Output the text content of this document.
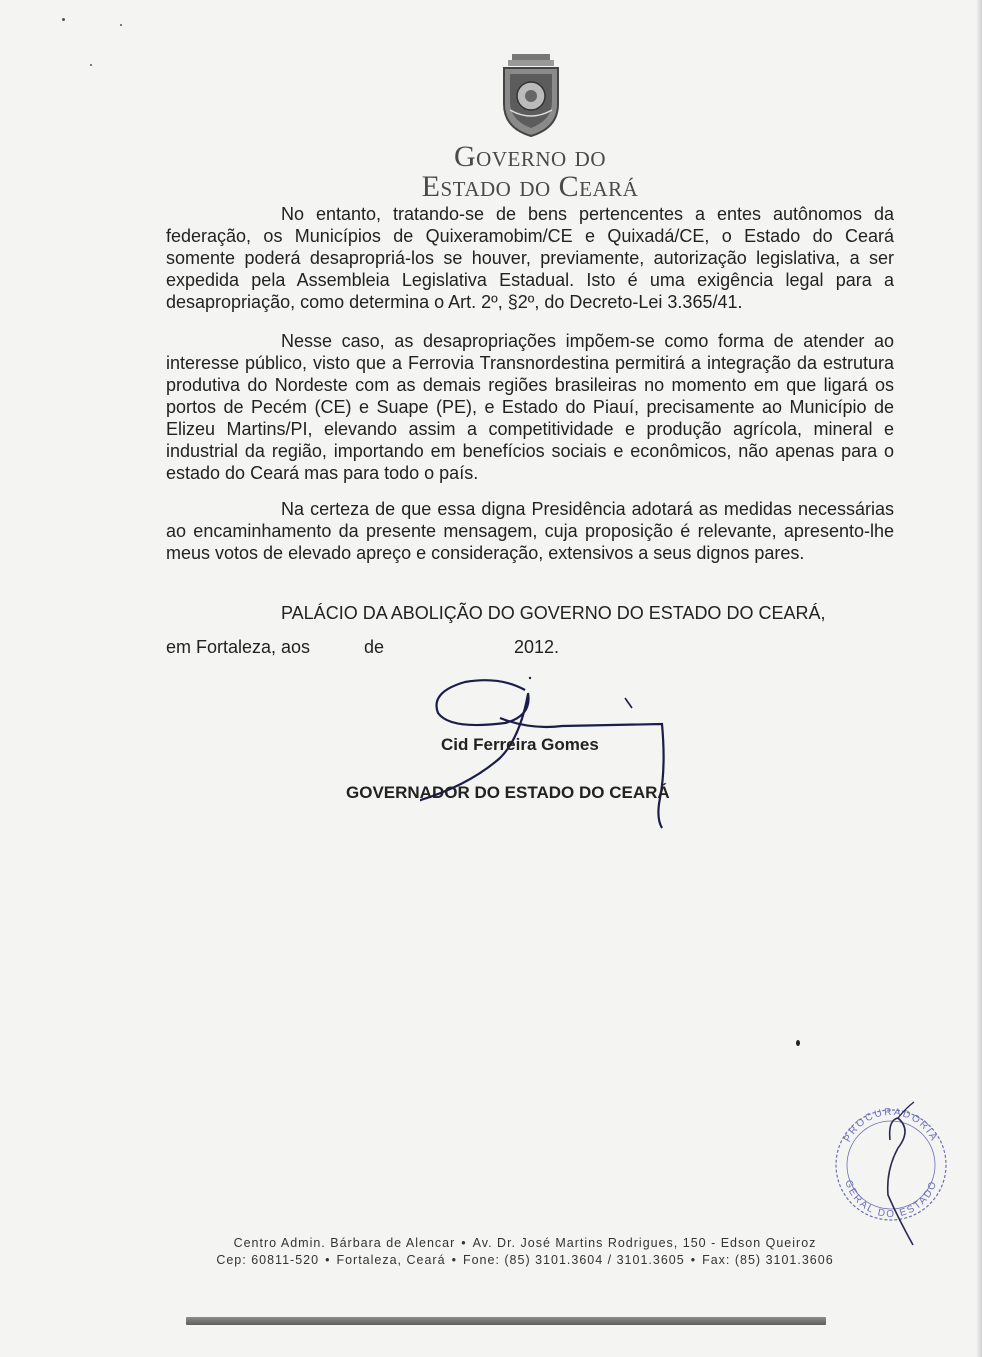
Governo do
Estado do Ceará

No entanto, tratando-se de bens pertencentes a entes autônomos da federação, os Municípios de Quixeramobim/CE e Quixadá/CE, o Estado do Ceará somente poderá desapropriá-los se houver, previamente, autorização legislativa, a ser expedida pela Assembleia Legislativa Estadual. Isto é uma exigência legal para a desapropriação, como determina o Art. 2º, §2º, do Decreto-Lei 3.365/41.

Nesse caso, as desapropriações impõem-se como forma de atender ao interesse público, visto que a Ferrovia Transnordestina permitirá a integração da estrutura produtiva do Nordeste com as demais regiões brasileiras no momento em que ligará os portos de Pecém (CE) e Suape (PE), e Estado do Piauí, precisamente ao Município de Elizeu Martins/PI, elevando assim a competitividade e produção agrícola, mineral e industrial da região, importando em benefícios sociais e econômicos, não apenas para o estado do Ceará mas para todo o país.

Na certeza de que essa digna Presidência adotará as medidas necessárias ao encaminhamento da presente mensagem, cuja proposição é relevante, apresento-lhe meus votos de elevado apreço e consideração, extensivos a seus dignos pares.

PALÁCIO DA ABOLIÇÃO DO GOVERNO DO ESTADO DO CEARÁ,
em Fortaleza, aos	de	2012.
Cid Ferreira Gomes
GOVERNADOR DO ESTADO DO CEARÁ
PROCURADORIA
GERAL DO ESTADO
Centro Admin. Bárbara de Alencar • Av. Dr. José Martins Rodrigues, 150 - Edson Queiroz
Cep: 60811-520 • Fortaleza, Ceará • Fone: (85) 3101.3604 / 3101.3605 • Fax: (85) 3101.3606
